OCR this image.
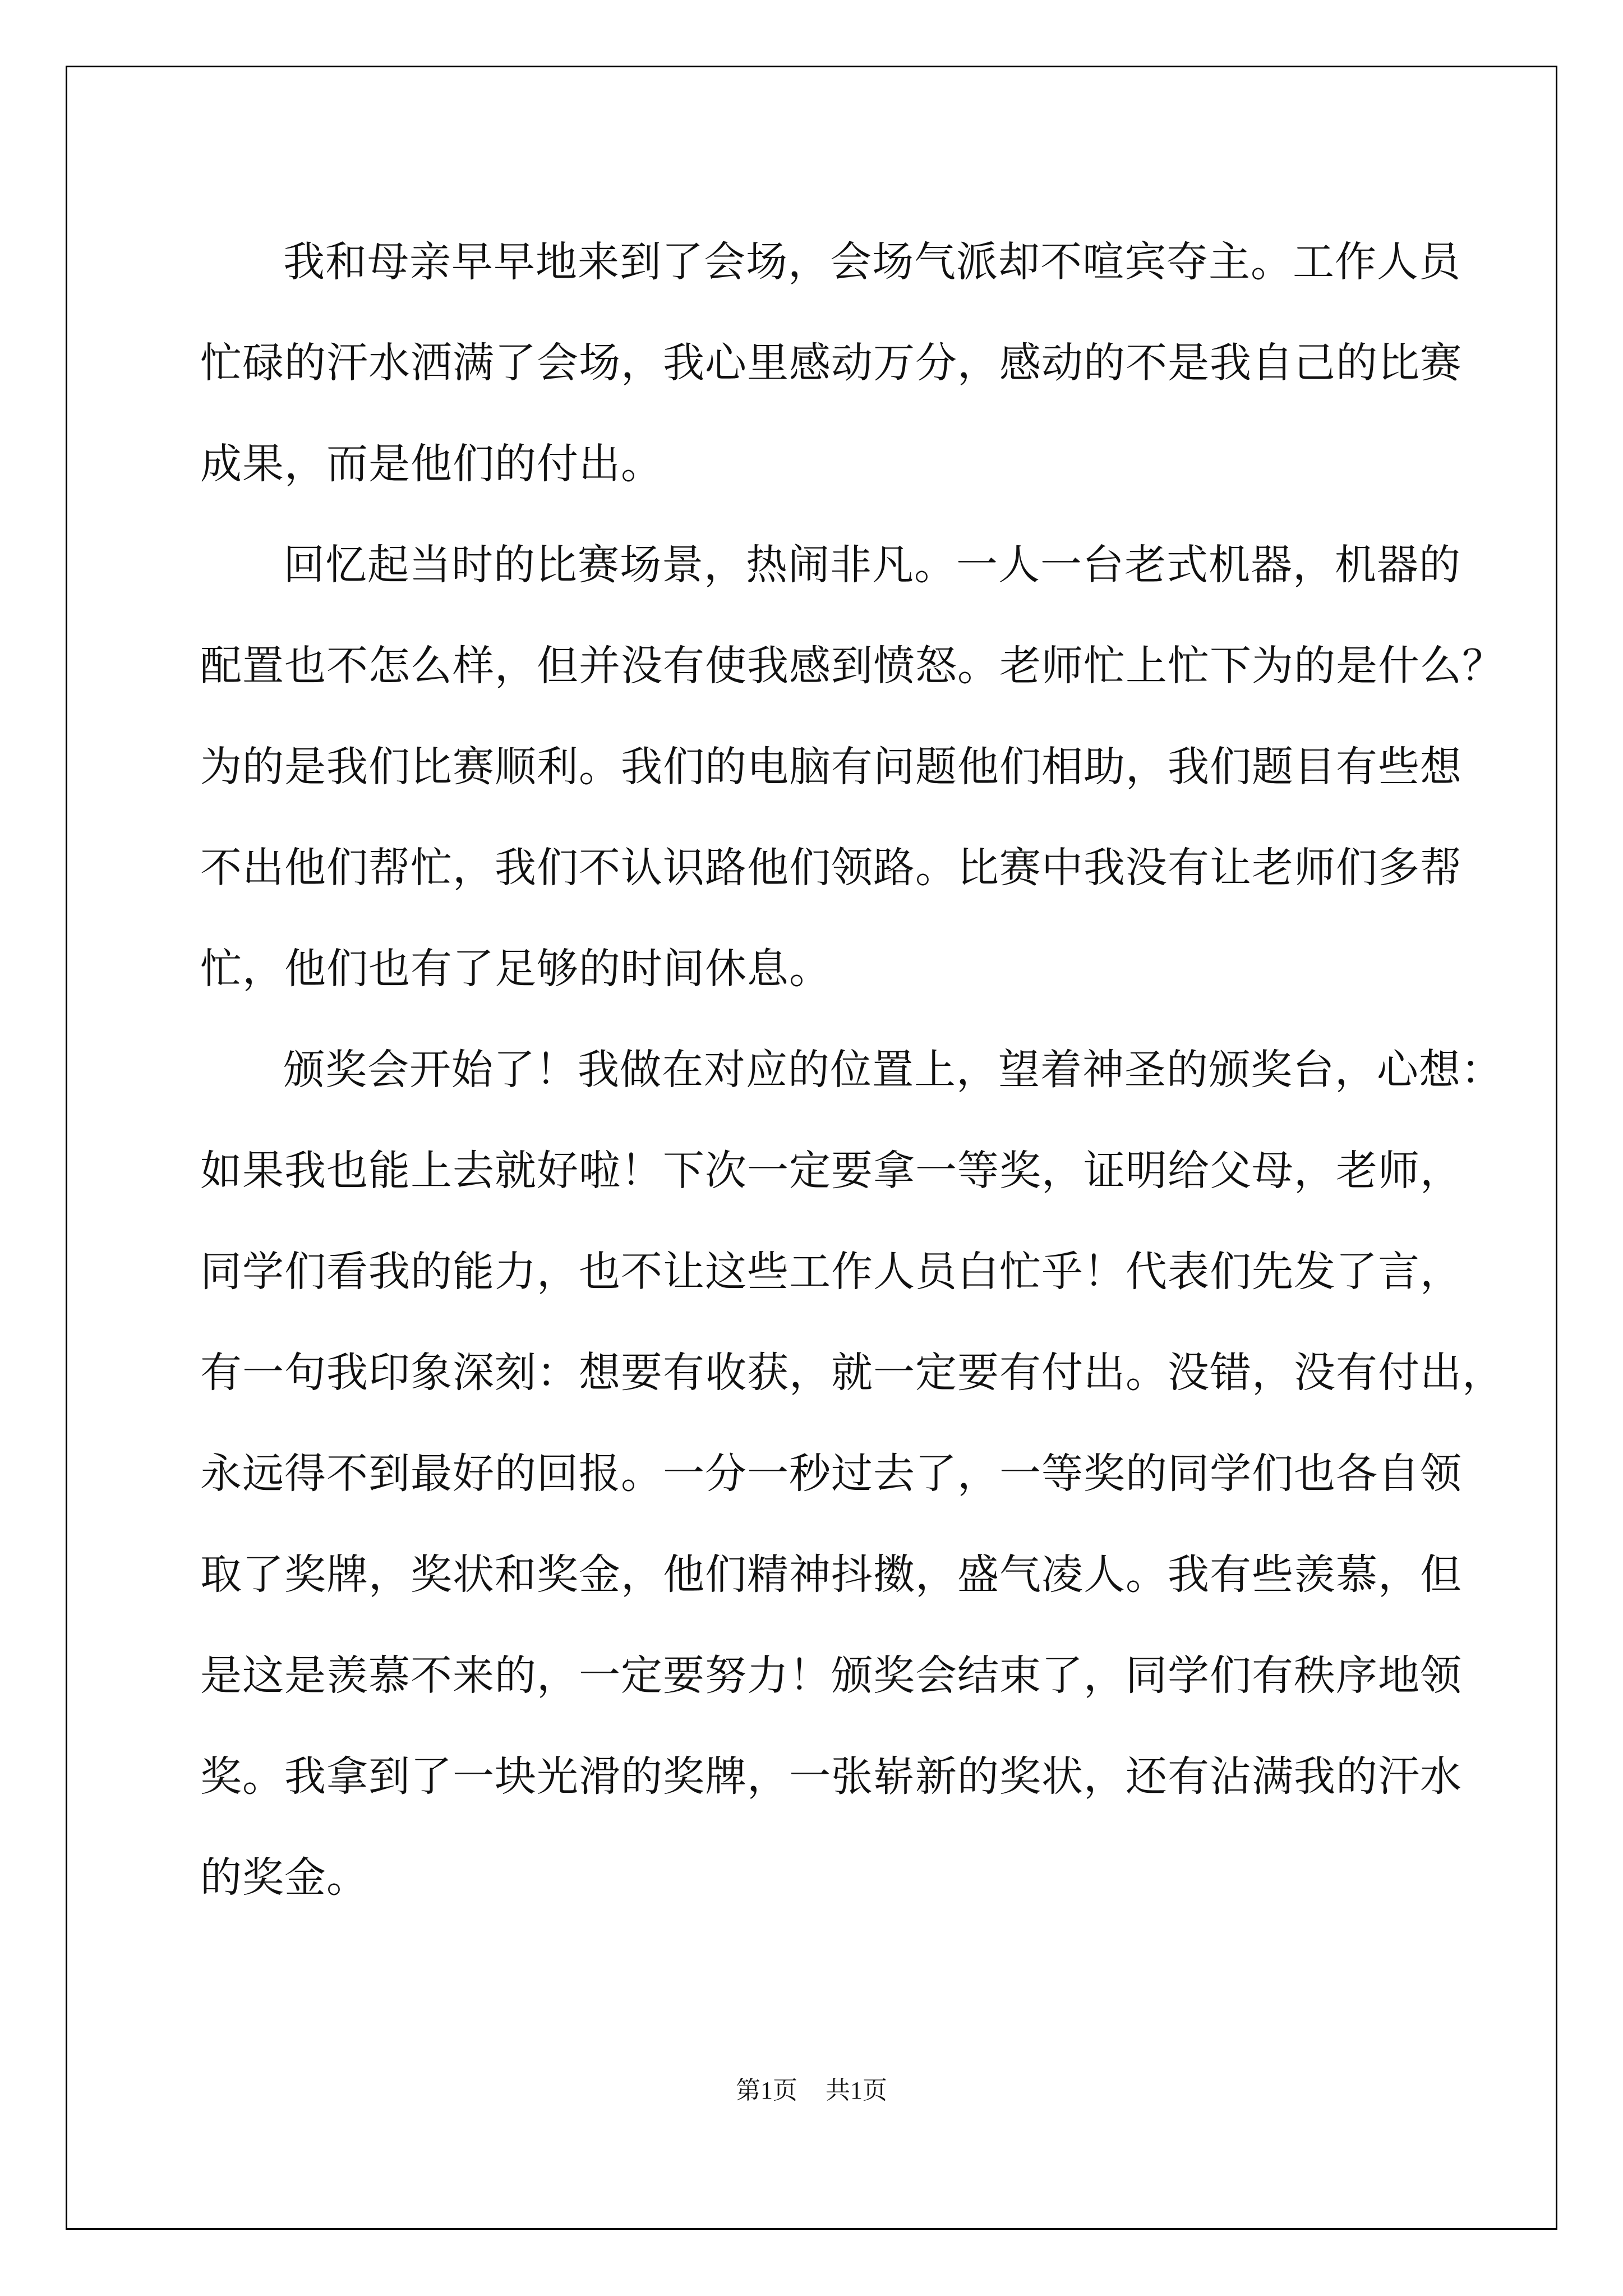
我和母亲早早地来到了会场，会场气派却不喧宾夺主。工作人员
忙碌的汗水洒满了会场，我心里感动万分，感动的不是我自己的比赛
成果，而是他们的付出。

回忆起当时的比赛场景，热闹非凡。一人一台老式机器，机器的
配置也不怎么样，但并没有使我感到愤怒。老师忙上忙下为的是什么？
为的是我们比赛顺利。我们的电脑有问题他们相助，我们题目有些想
不出他们帮忙，我们不认识路他们领路。比赛中我没有让老师们多帮
忙，他们也有了足够的时间休息。

颁奖会开始了！我做在对应的位置上，望着神圣的颁奖台，心想：
如果我也能上去就好啦！下次一定要拿一等奖，证明给父母，老师，
同学们看我的能力，也不让这些工作人员白忙乎！代表们先发了言，
有一句我印象深刻：想要有收获，就一定要有付出。没错，没有付出，
永远得不到最好的回报。一分一秒过去了，一等奖的同学们也各自领
取了奖牌，奖状和奖金，他们精神抖擞，盛气凌人。我有些羡慕，但
是这是羡慕不来的，一定要努力！颁奖会结束了，同学们有秩序地领
奖。我拿到了一块光滑的奖牌，一张崭新的奖状，还有沾满我的汗水
的奖金。

第1页 共1页
